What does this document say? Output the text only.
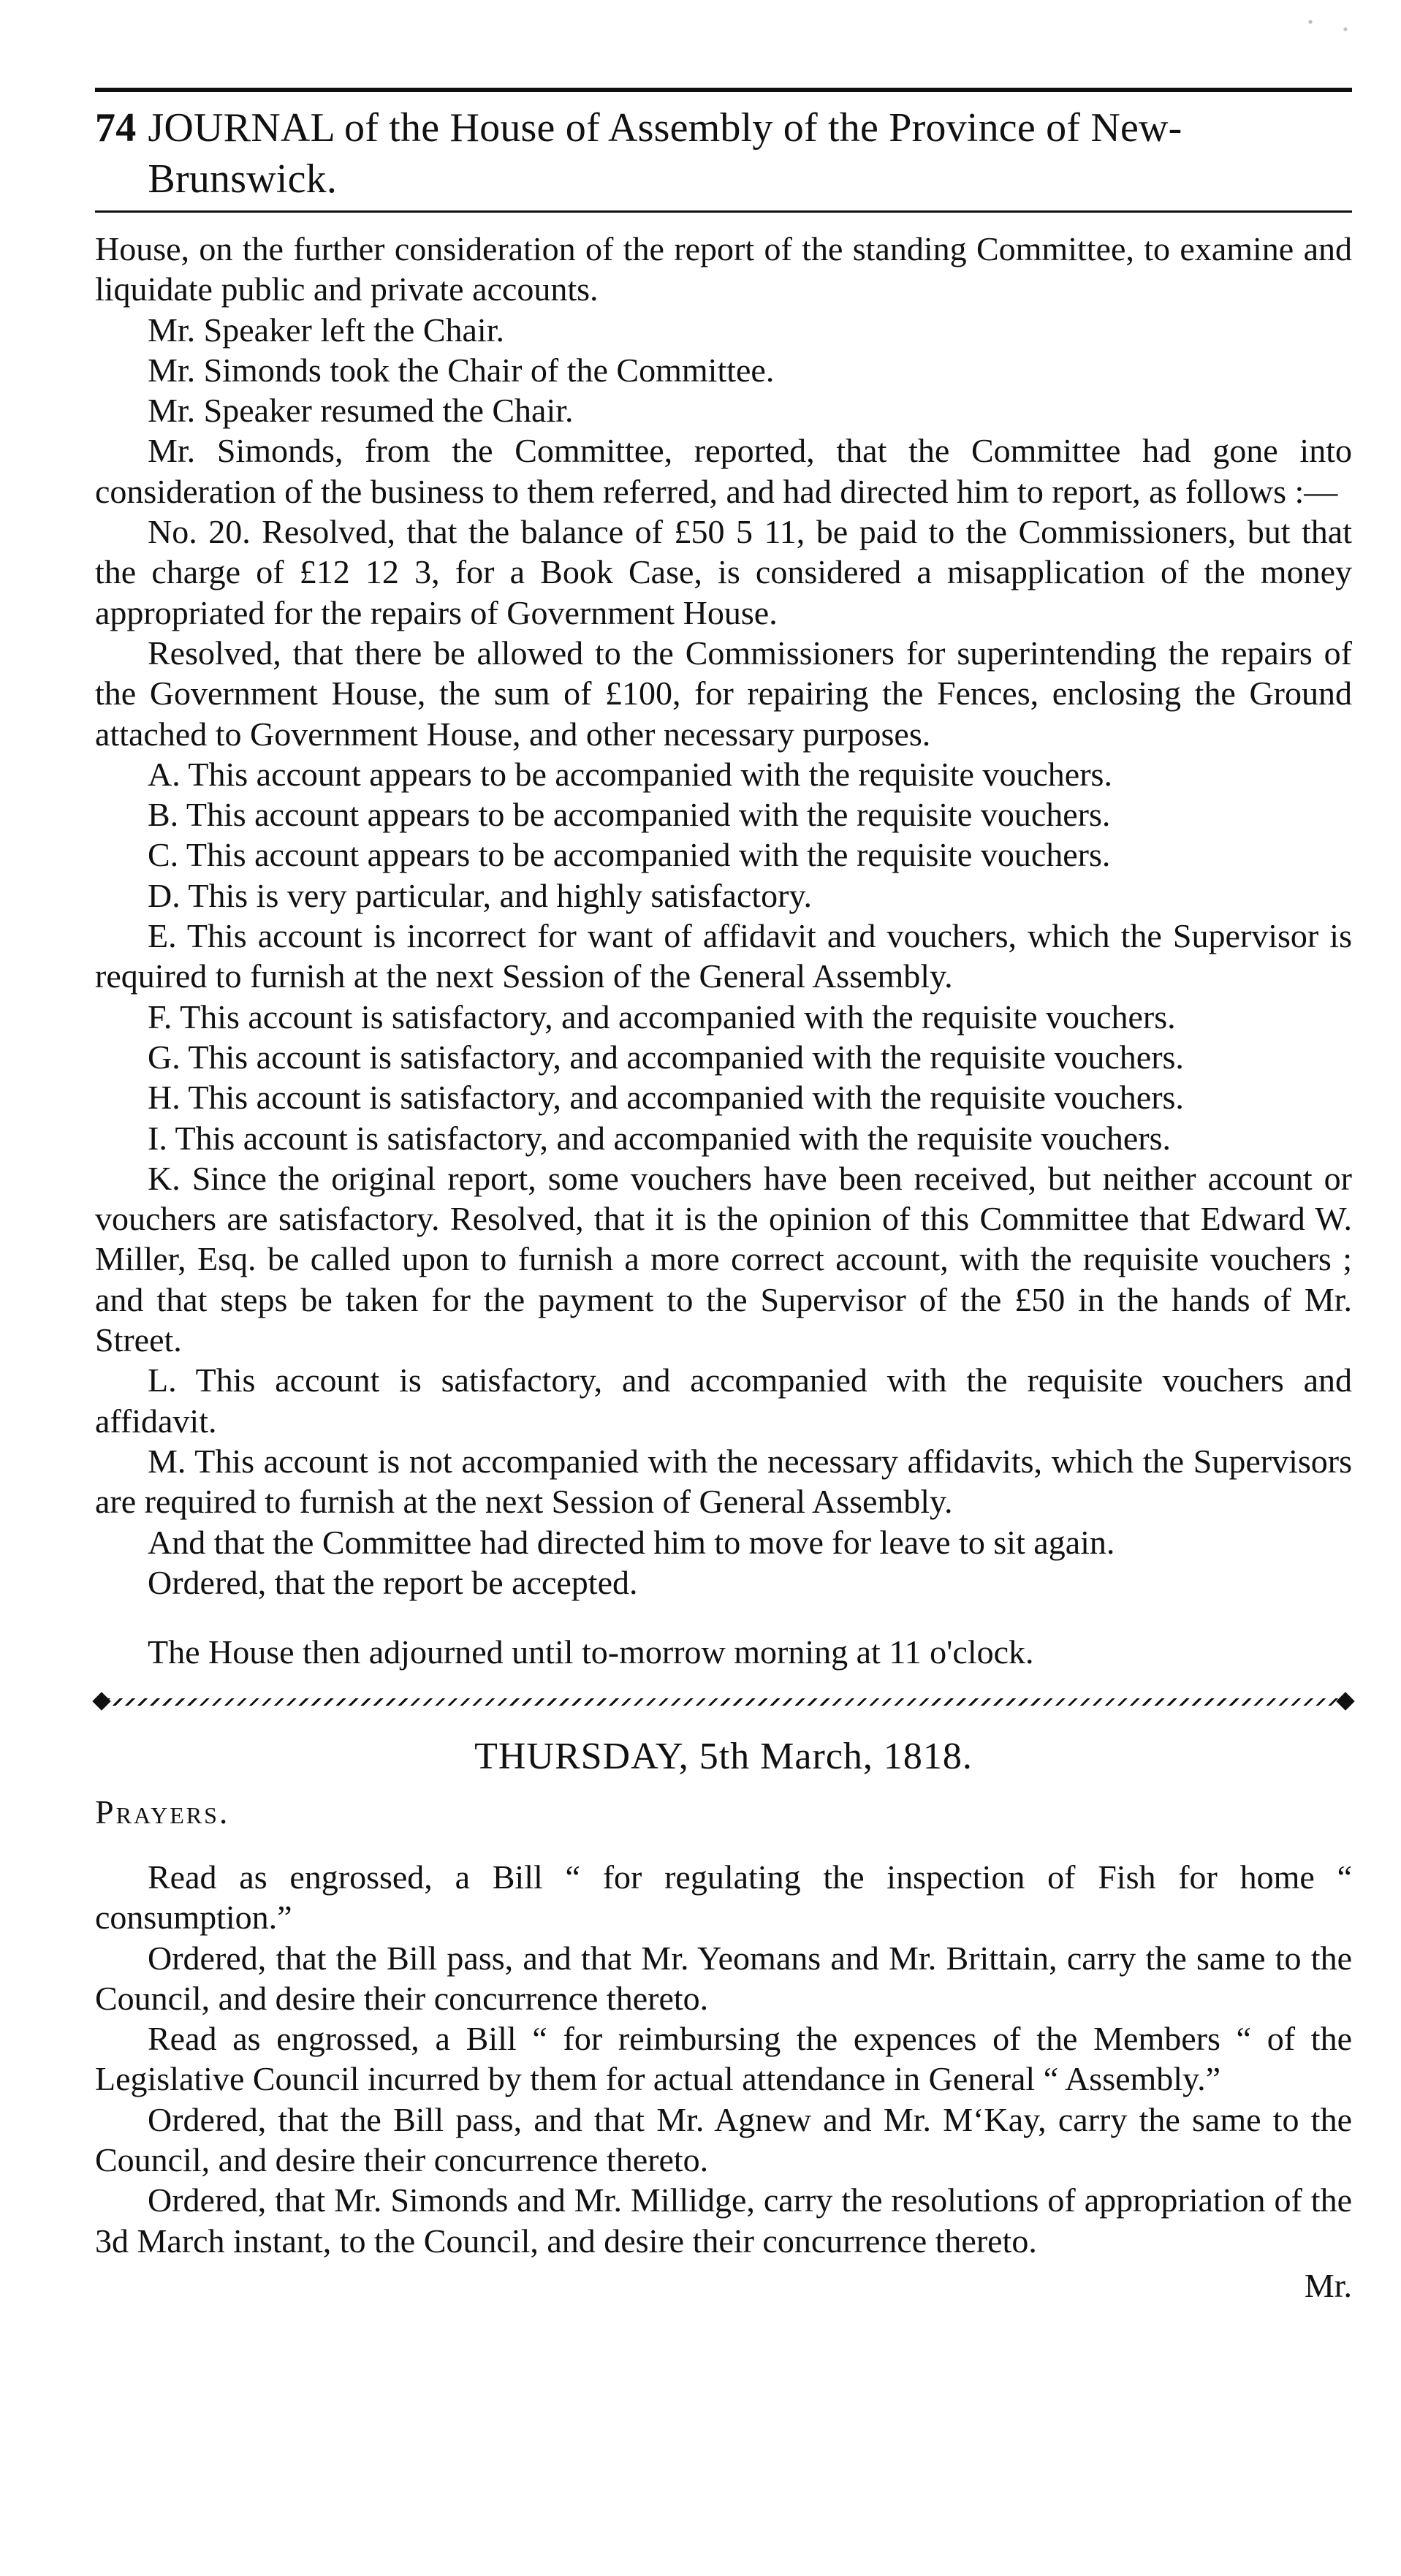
74 JOURNAL of the House of Assembly of the Province of New-Brunswick.

House, on the further consideration of the report of the standing Committee, to examine and liquidate public and private accounts.

Mr. Speaker left the Chair.

Mr. Simonds took the Chair of the Committee.

Mr. Speaker resumed the Chair.

Mr. Simonds, from the Committee, reported, that the Committee had gone into consideration of the business to them referred, and had directed him to report, as follows :—

No. 20. Resolved, that the balance of £50 5 11, be paid to the Commissioners, but that the charge of £12 12 3, for a Book Case, is considered a misapplication of the money appropriated for the repairs of Government House.

Resolved, that there be allowed to the Commissioners for superintending the repairs of the Government House, the sum of £100, for repairing the Fences, enclosing the Ground attached to Government House, and other necessary purposes.

A. This account appears to be accompanied with the requisite vouchers.

B. This account appears to be accompanied with the requisite vouchers.

C. This account appears to be accompanied with the requisite vouchers.

D. This is very particular, and highly satisfactory.

E. This account is incorrect for want of affidavit and vouchers, which the Supervisor is required to furnish at the next Session of the General Assembly.

F. This account is satisfactory, and accompanied with the requisite vouchers.

G. This account is satisfactory, and accompanied with the requisite vouchers.

H. This account is satisfactory, and accompanied with the requisite vouchers.

I. This account is satisfactory, and accompanied with the requisite vouchers.

K. Since the original report, some vouchers have been received, but neither account or vouchers are satisfactory. Resolved, that it is the opinion of this Committee that Edward W. Miller, Esq. be called upon to furnish a more correct account, with the requisite vouchers ; and that steps be taken for the payment to the Supervisor of the £50 in the hands of Mr. Street.

L. This account is satisfactory, and accompanied with the requisite vouchers and affidavit.

M. This account is not accompanied with the necessary affidavits, which the Supervisors are required to furnish at the next Session of General Assembly.

And that the Committee had directed him to move for leave to sit again.

Ordered, that the report be accepted.

The House then adjourned until to-morrow morning at 11 o'clock.

THURSDAY, 5th March, 1818.
Prayers.

Read as engrossed, a Bill “ for regulating the inspection of Fish for home “ consumption.”

Ordered, that the Bill pass, and that Mr. Yeomans and Mr. Brittain, carry the same to the Council, and desire their concurrence thereto.

Read as engrossed, a Bill “ for reimbursing the expences of the Members “ of the Legislative Council incurred by them for actual attendance in General “ Assembly.”

Ordered, that the Bill pass, and that Mr. Agnew and Mr. M‘Kay, carry the same to the Council, and desire their concurrence thereto.

Ordered, that Mr. Simonds and Mr. Millidge, carry the resolutions of appropriation of the 3d March instant, to the Council, and desire their concurrence thereto.

Mr.
